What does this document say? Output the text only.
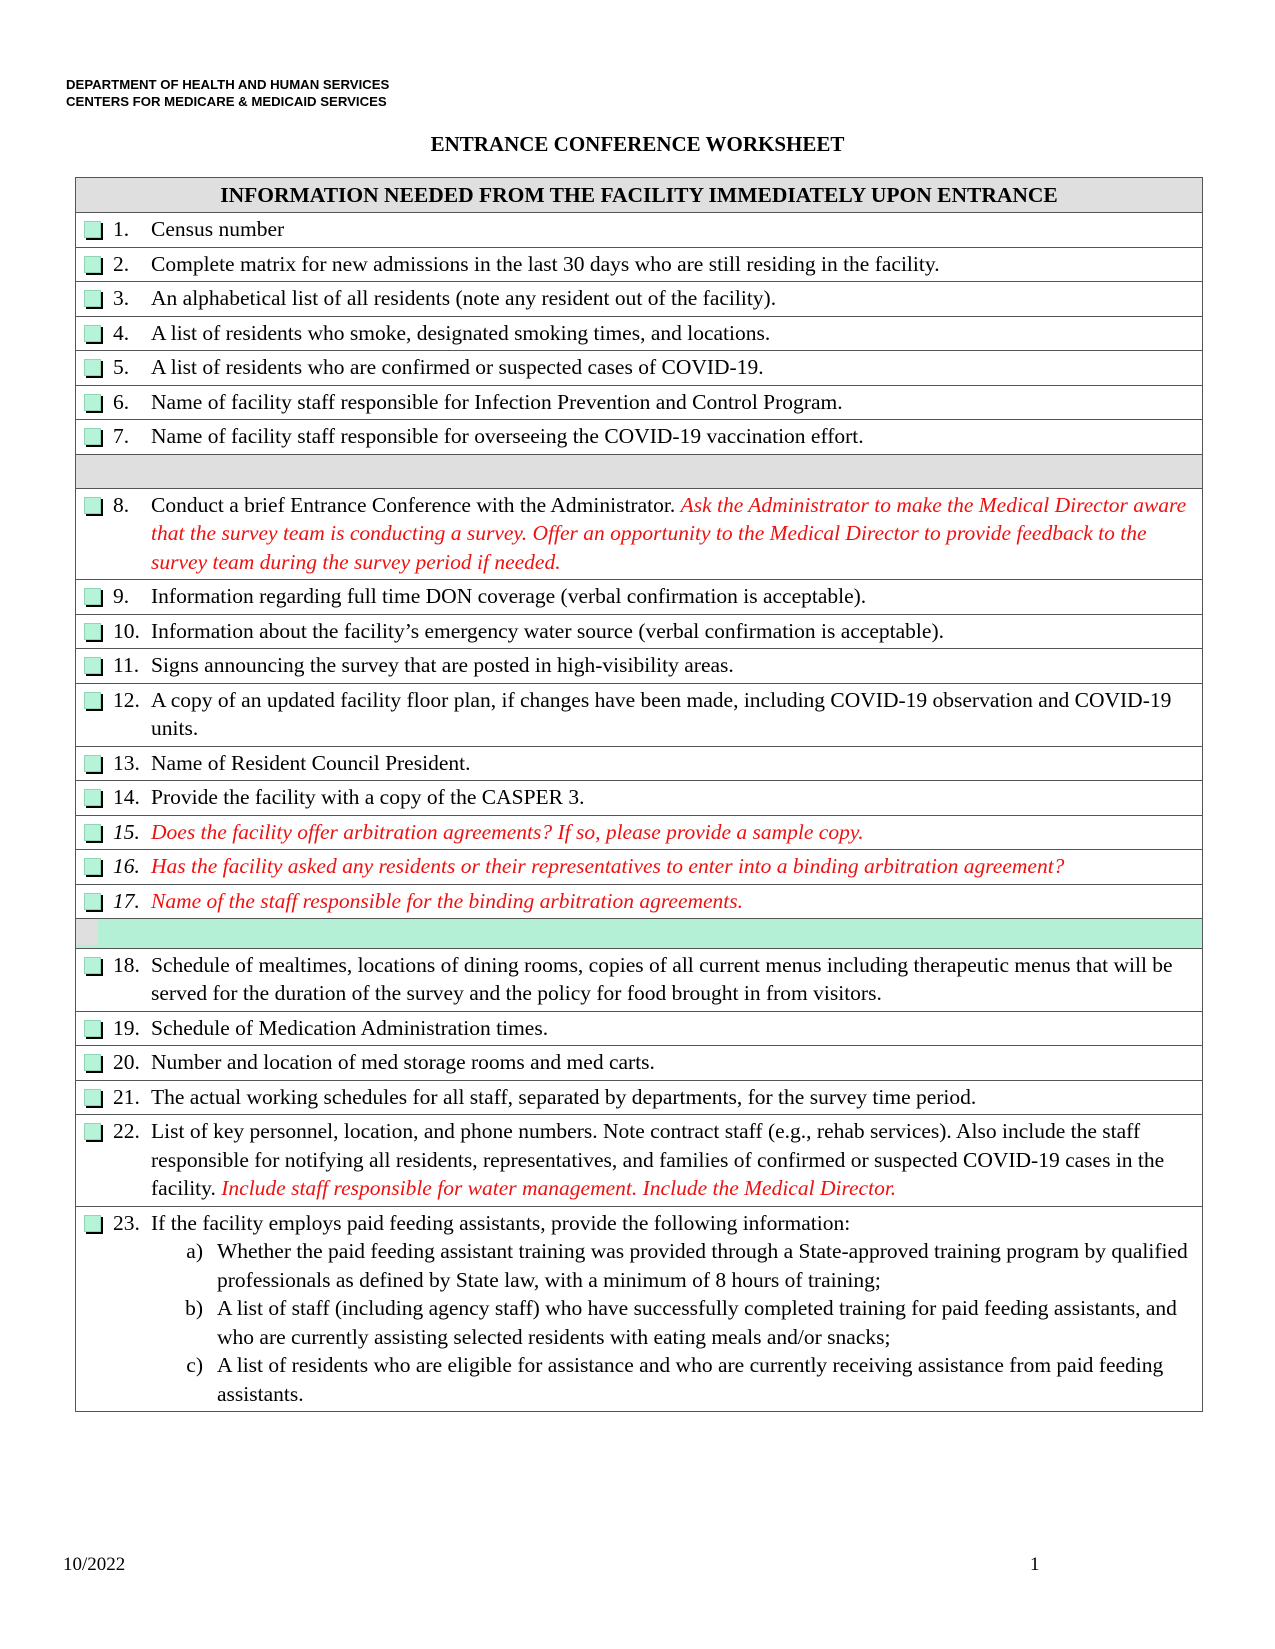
DEPARTMENT OF HEALTH AND HUMAN SERVICES
CENTERS FOR MEDICARE & MEDICAID SERVICES
ENTRANCE CONFERENCE WORKSHEET
INFORMATION NEEDED FROM THE FACILITY IMMEDIATELY UPON ENTRANCE

1.	Census number

2.	Complete matrix for new admissions in the last 30 days who are still residing in the facility.

3.	An alphabetical list of all residents (note any resident out of the facility).

4.	A list of residents who smoke, designated smoking times, and locations.

5.	A list of residents who are confirmed or suspected cases of COVID-19.

6.	Name of facility staff responsible for Infection Prevention and Control Program.

7.	Name of facility staff responsible for overseeing the COVID-19 vaccination effort.

8.	Conduct a brief Entrance Conference with the Administrator. Ask the Administrator to make the Medical Director aware that the survey team is conducting a survey. Offer an opportunity to the Medical Director to provide feedback to the survey team during the survey period if needed.

9.	Information regarding full time DON coverage (verbal confirmation is acceptable).

10. Information about the facility’s emergency water source (verbal confirmation is acceptable).

11. Signs announcing the survey that are posted in high-visibility areas.

12. A copy of an updated facility floor plan, if changes have been made, including COVID-19 observation and COVID-19 units.

13. Name of Resident Council President.

14. Provide the facility with a copy of the CASPER 3.

15. Does the facility offer arbitration agreements? If so, please provide a sample copy.

16. Has the facility asked any residents or their representatives to enter into a binding arbitration agreement?

17. Name of the staff responsible for the binding arbitration agreements.

18. Schedule of mealtimes, locations of dining rooms, copies of all current menus including therapeutic menus that will be served for the duration of the survey and the policy for food brought in from visitors.

19. Schedule of Medication Administration times.

20. Number and location of med storage rooms and med carts.

21. The actual working schedules for all staff, separated by departments, for the survey time period.

22. List of key personnel, location, and phone numbers. Note contract staff (e.g., rehab services). Also include the staff responsible for notifying all residents, representatives, and families of confirmed or suspected COVID-19 cases in the facility. Include staff responsible for water management. Include the Medical Director.

23. If the facility employs paid feeding assistants, provide the following information:
a) Whether the paid feeding assistant training was provided through a State-approved training program by qualified professionals as defined by State law, with a minimum of 8 hours of training;
b) A list of staff (including agency staff) who have successfully completed training for paid feeding assistants, and who are currently assisting selected residents with eating meals and/or snacks;
c) A list of residents who are eligible for assistance and who are currently receiving assistance from paid feeding assistants.
10/2022	1
